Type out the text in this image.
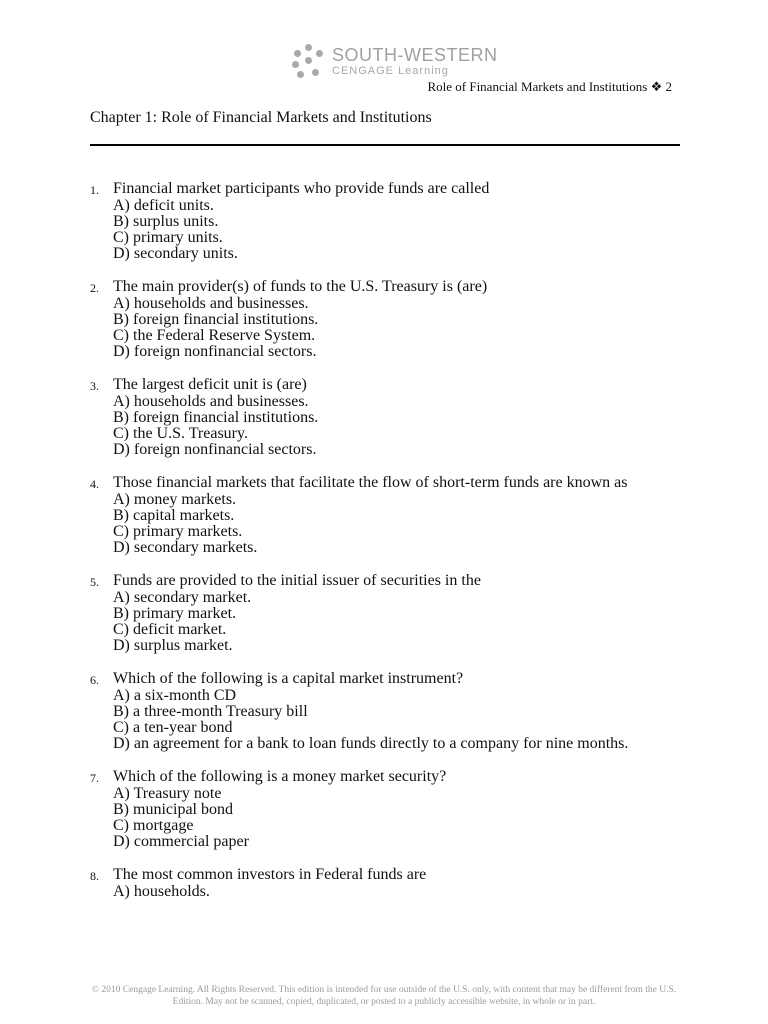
SOUTH-WESTERN
CENGAGE Learning
Role of Financial Markets and Institutions ❖ 2
Chapter 1: Role of Financial Markets and Institutions
1. Financial market participants who provide funds are called
A) deficit units.
B) surplus units.
C) primary units.
D) secondary units.
2. The main provider(s) of funds to the U.S. Treasury is (are)
A) households and businesses.
B) foreign financial institutions.
C) the Federal Reserve System.
D) foreign nonfinancial sectors.
3. The largest deficit unit is (are)
A) households and businesses.
B) foreign financial institutions.
C) the U.S. Treasury.
D) foreign nonfinancial sectors.
4. Those financial markets that facilitate the flow of short-term funds are known as
A) money markets.
B) capital markets.
C) primary markets.
D) secondary markets.
5. Funds are provided to the initial issuer of securities in the
A) secondary market.
B) primary market.
C) deficit market.
D) surplus market.
6. Which of the following is a capital market instrument?
A) a six-month CD
B) a three-month Treasury bill
C) a ten-year bond
D) an agreement for a bank to loan funds directly to a company for nine months.
7. Which of the following is a money market security?
A) Treasury note
B) municipal bond
C) mortgage
D) commercial paper
8. The most common investors in Federal funds are
A) households.
© 2010 Cengage Learning. All Rights Reserved. This edition is intended for use outside of the U.S. only, with content that may be different from the U.S. Edition. May not be scanned, copied, duplicated, or posted to a publicly accessible website, in whole or in part.
